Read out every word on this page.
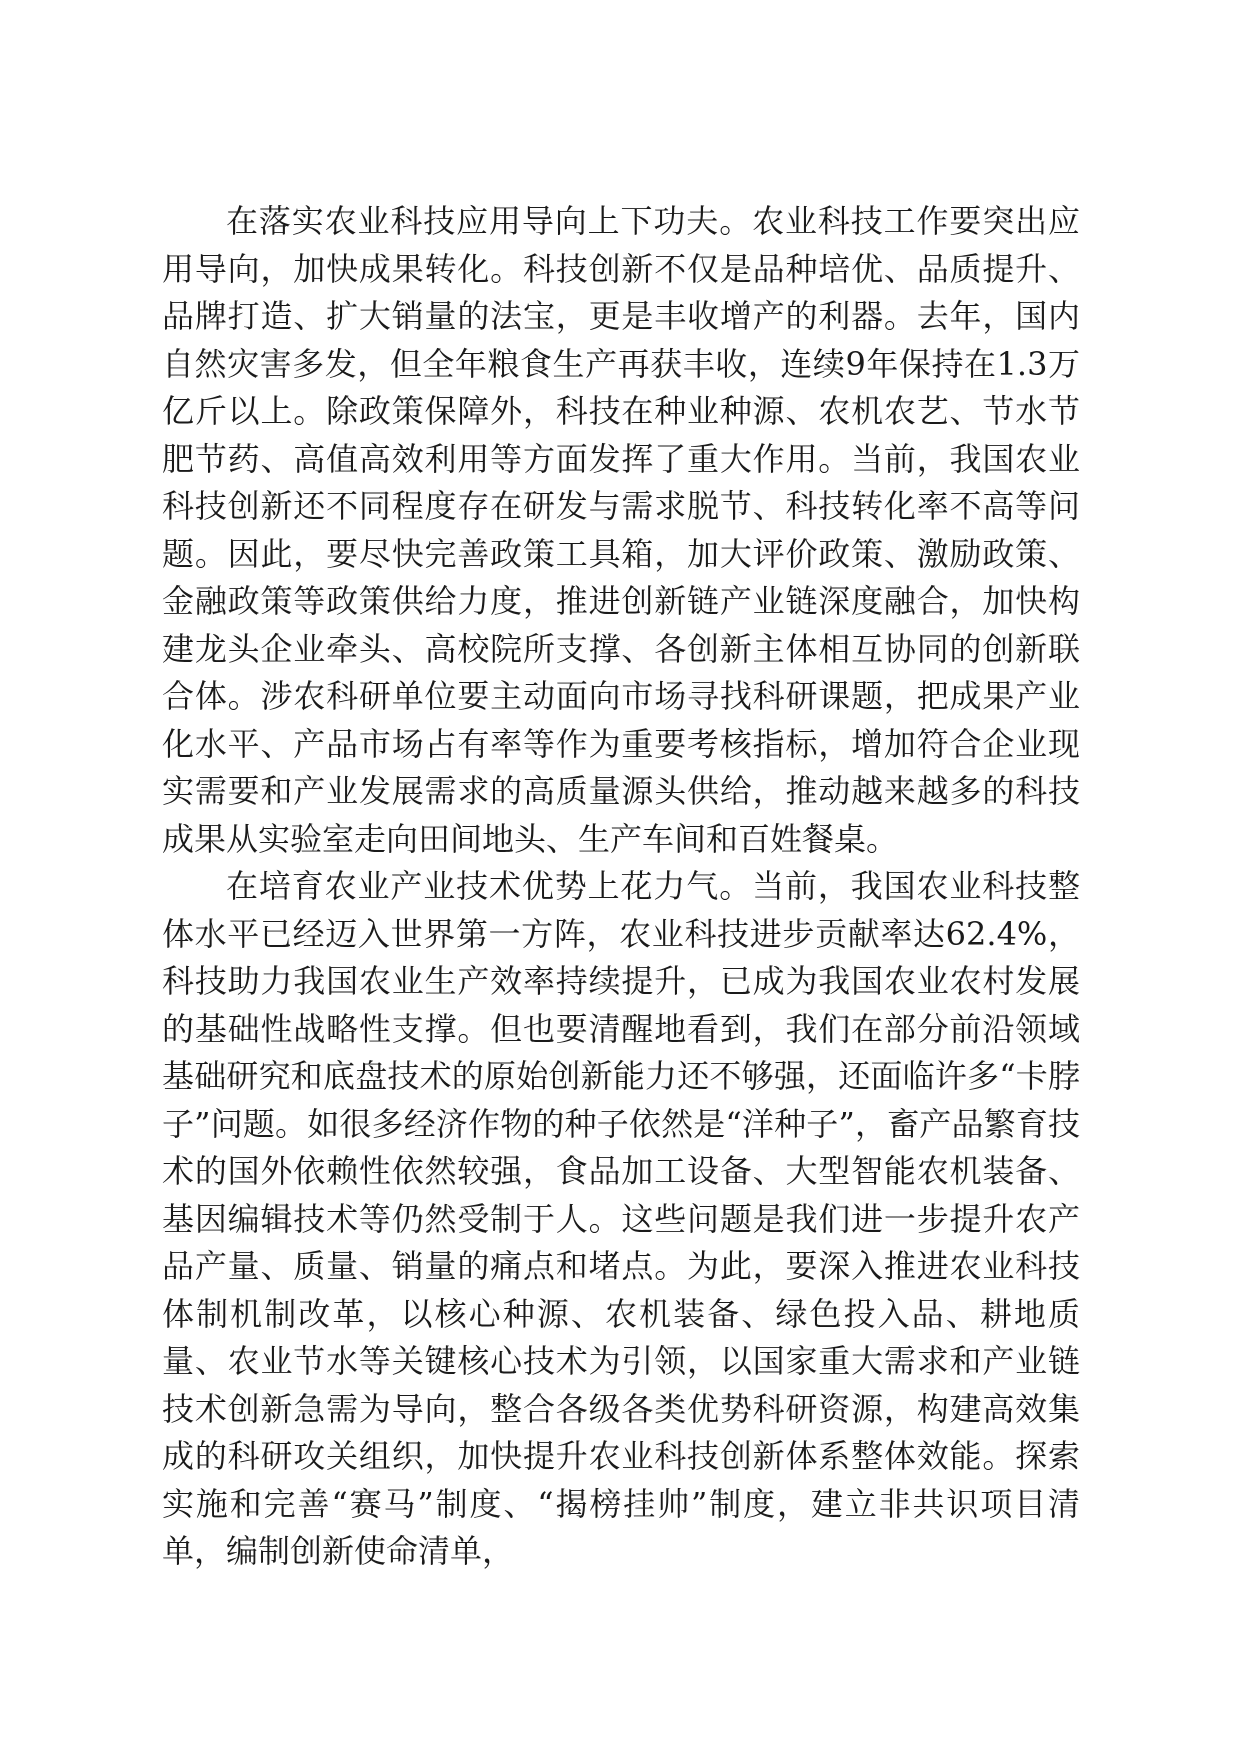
在落实农业科技应用导向上下功夫。农业科技工作要突出应用导向，加快成果转化。科技创新不仅是品种培优、品质提升、品牌打造、扩大销量的法宝，更是丰收增产的利器。去年，国内自然灾害多发，但全年粮食生产再获丰收，连续9年保持在1.3万亿斤以上。除政策保障外，科技在种业种源、农机农艺、节水节肥节药、高值高效利用等方面发挥了重大作用。当前，我国农业科技创新还不同程度存在研发与需求脱节、科技转化率不高等问题。因此，要尽快完善政策工具箱，加大评价政策、激励政策、金融政策等政策供给力度，推进创新链产业链深度融合，加快构建龙头企业牵头、高校院所支撑、各创新主体相互协同的创新联合体。涉农科研单位要主动面向市场寻找科研课题，把成果产业化水平、产品市场占有率等作为重要考核指标，增加符合企业现实需要和产业发展需求的高质量源头供给，推动越来越多的科技成果从实验室走向田间地头、生产车间和百姓餐桌。

在培育农业产业技术优势上花力气。当前，我国农业科技整体水平已经迈入世界第一方阵，农业科技进步贡献率达62.4%，科技助力我国农业生产效率持续提升，已成为我国农业农村发展的基础性战略性支撑。但也要清醒地看到，我们在部分前沿领域基础研究和底盘技术的原始创新能力还不够强，还面临许多“卡脖子”问题。如很多经济作物的种子依然是“洋种子”，畜产品繁育技术的国外依赖性依然较强，食品加工设备、大型智能农机装备、基因编辑技术等仍然受制于人。这些问题是我们进一步提升农产品产量、质量、销量的痛点和堵点。为此，要深入推进农业科技体制机制改革，以核心种源、农机装备、绿色投入品、耕地质量、农业节水等关键核心技术为引领，以国家重大需求和产业链技术创新急需为导向，整合各级各类优势科研资源，构建高效集成的科研攻关组织，加快提升农业科技创新体系整体效能。探索实施和完善“赛马”制度、“揭榜挂帅”制度，建立非共识项目清单，编制创新使命清单，
